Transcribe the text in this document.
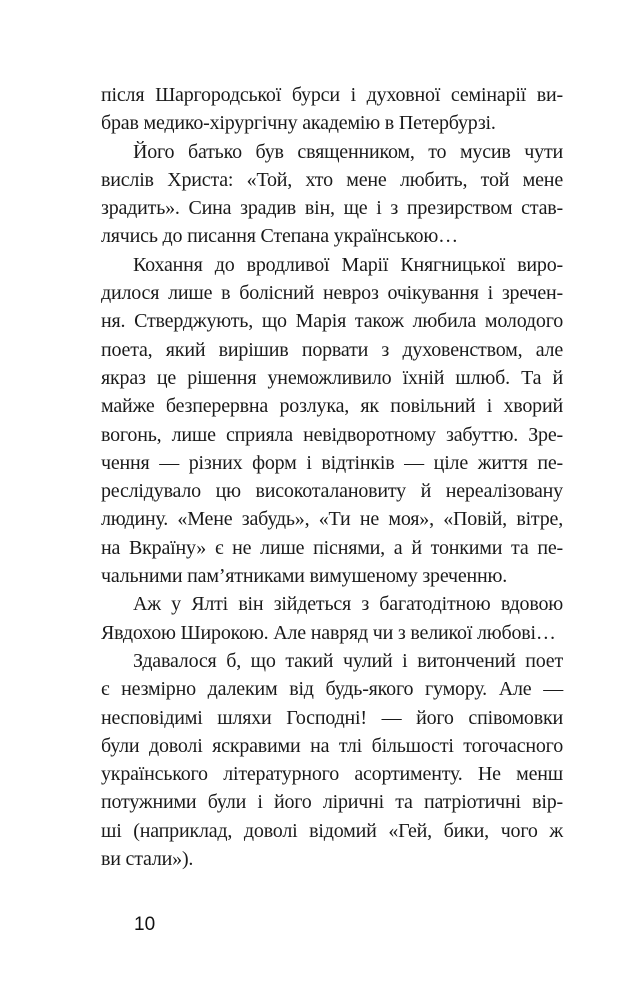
після Шаргородської бурси і духовної семінарії ви-
брав медико-хірургічну академію в Петербурзі.
Його батько був священником, то мусив чути
вислів Христа: «Той, хто мене любить, той мене
зрадить». Сина зрадив він, ще і з презирством став-
лячись до писання Степана українською…
Кохання до вродливої Марії Княгницької виро-
дилося лише в болісний невроз очікування і зречен-
ня. Стверджують, що Марія також любила молодого
поета, який вирішив порвати з духовенством, але
якраз це рішення унеможливило їхній шлюб. Та й
майже безперервна розлука, як повільний і хворий
вогонь, лише сприяла невідворотному забуттю. Зре-
чення — різних форм і відтінків — ціле життя пе-
реслідувало цю високоталановиту й нереалізовану
людину. «Мене забудь», «Ти не моя», «Повій, вітре,
на Вкраїну» є не лише піснями, а й тонкими та пе-
чальними пам’ятниками вимушеному зреченню.
Аж у Ялті він зійдеться з багатодітною вдовою
Явдохою Широкою. Але навряд чи з великої любові…
Здавалося б, що такий чулий і витончений поет
є незмірно далеким від будь-якого гумору. Але —
несповідимі шляхи Господні! — його співомовки
були доволі яскравими на тлі більшості тогочасного
українського літературного асортименту. Не менш
потужними були і його ліричні та патріотичні вір-
ші (наприклад, доволі відомий «Гей, бики, чого ж
ви стали»).
10
